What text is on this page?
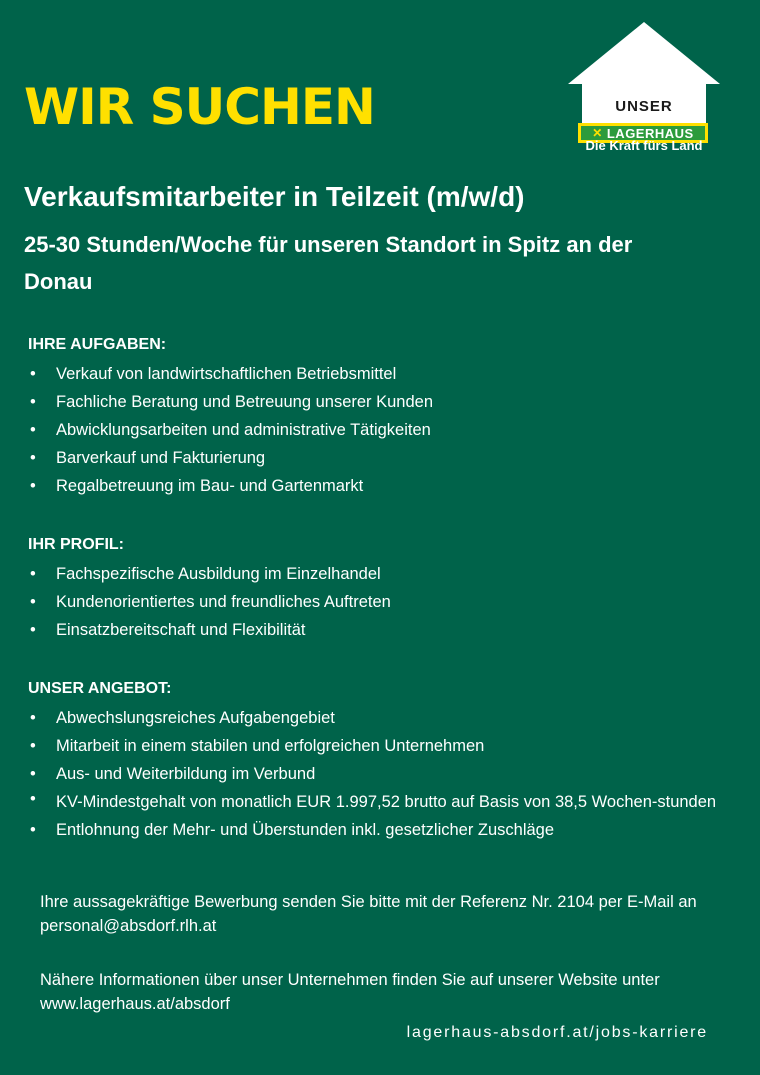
WIR SUCHEN	UNSER
✕ LAGERHAUS
Die Kraft fürs Land
Verkaufsmitarbeiter in Teilzeit (m/w/d)

25-30 Stunden/Woche für unseren Standort in Spitz an der Donau

IHRE AUFGABEN:
• Verkauf von landwirtschaftlichen Betriebsmittel
• Fachliche Beratung und Betreuung unserer Kunden
• Abwicklungsarbeiten und administrative Tätigkeiten
• Barverkauf und Fakturierung
• Regalbetreuung im Bau- und Gartenmarkt
IHR PROFIL:
• Fachspezifische Ausbildung im Einzelhandel
• Kundenorientiertes und freundliches Auftreten
• Einsatzbereitschaft und Flexibilität
UNSER ANGEBOT:
• Abwechslungsreiches Aufgabengebiet
• Mitarbeit in einem stabilen und erfolgreichen Unternehmen
• Aus- und Weiterbildung im Verbund
• KV-Mindestgehalt von monatlich EUR 1.997,52 brutto auf Basis von 38,5 Wochen-stunden
• Entlohnung der Mehr- und Überstunden inkl. gesetzlicher Zuschläge

Ihre aussagekräftige Bewerbung senden Sie bitte mit der Referenz Nr. 2104 per E-Mail an personal@absdorf.rlh.at

Nähere Informationen über unser Unternehmen finden Sie auf unserer Website unter www.lagerhaus.at/absdorf

lagerhaus-absdorf.at/jobs-karriere
